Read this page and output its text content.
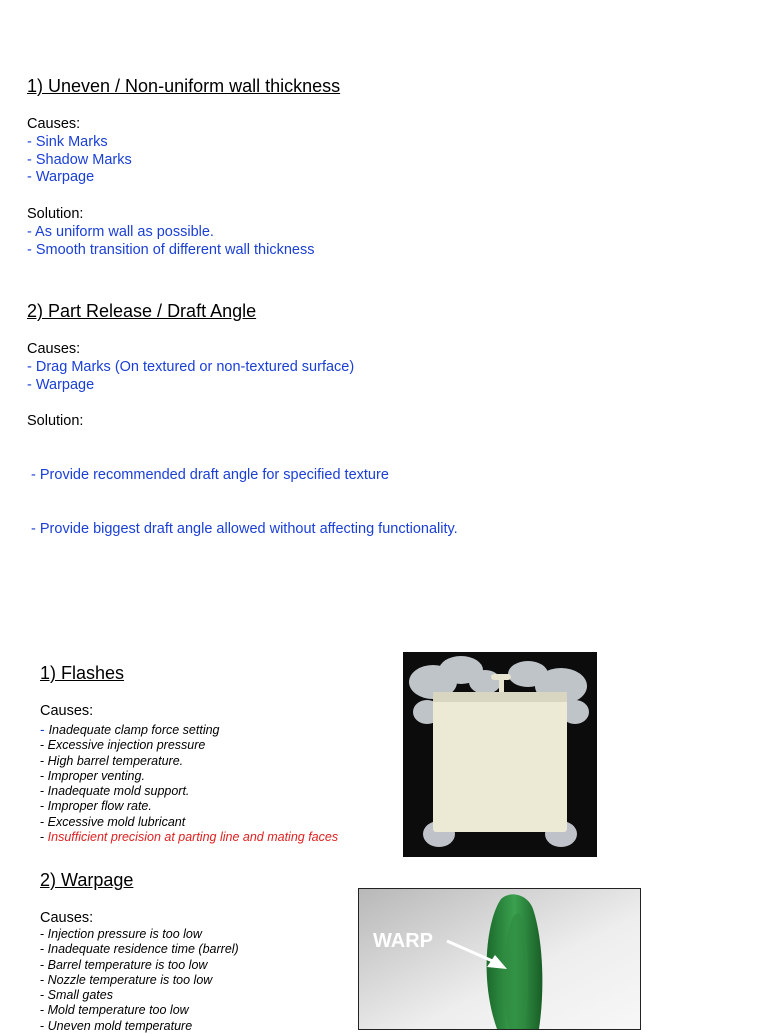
1) Uneven / Non-uniform wall thickness
Causes:
- Sink Marks
- Shadow Marks
- Warpage
Solution:
- As uniform wall as possible.
- Smooth transition of different wall thickness
2) Part Release / Draft Angle
Causes:
- Drag Marks (On textured or non-textured surface)
- Warpage
Solution:

- Provide recommended draft angle for specified texture

- Provide biggest draft angle allowed without affecting functionality.

1) Flashes
Causes:
- Inadequate clamp force setting
- Excessive injection pressure
- High barrel temperature.
- Improper venting.
- Inadequate mold support.
- Improper flow rate.
- Excessive mold lubricant
- Insufficient precision at parting line and mating faces
2) Warpage
Causes:
- Injection pressure is too low
- Inadequate residence time (barrel)
- Barrel temperature is too low
- Nozzle temperature is too low
- Small gates
- Mold temperature too low
- Uneven mold temperature
WARP
